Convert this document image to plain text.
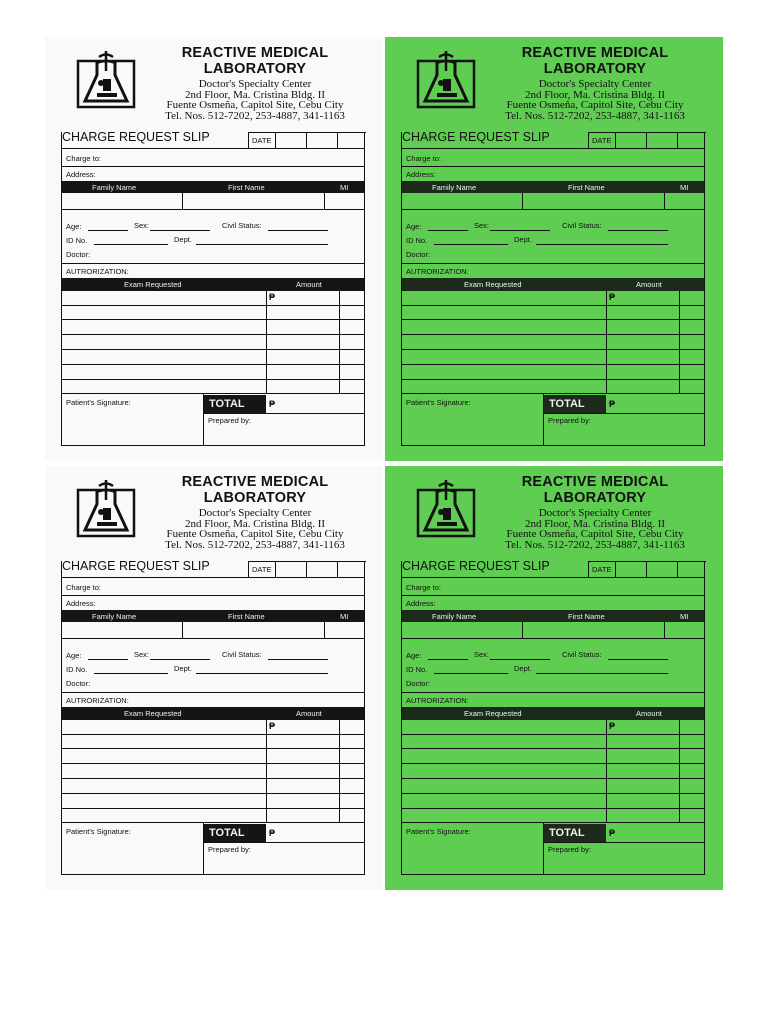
REACTIVE MEDICAL
LABORATORY
Doctor's Specialty Center
2nd Floor, Ma. Cristina Bldg. II
Fuente Osmeña, Capitol Site, Cebu City
Tel. Nos. 512-7202, 253-4887, 341-1163
CHARGE REQUEST SLIP	DATE
Charge to:
Address:
Family Name	First Name	MI
Age:	Sex:	Civil Status:
ID No.	Dept.
Doctor:
AUTRORIZATION:
Exam Requested	Amount
₱
Patient's Signature:	TOTAL	₱
Prepared by:
REACTIVE MEDICAL
LABORATORY
Doctor's Specialty Center
2nd Floor, Ma. Cristina Bldg. II
Fuente Osmeña, Capitol Site, Cebu City
Tel. Nos. 512-7202, 253-4887, 341-1163
CHARGE REQUEST SLIP	DATE
Charge to:
Address:
Family Name	First Name	MI
Age:	Sex:	Civil Status:
ID No.	Dept.
Doctor:
AUTRORIZATION:
Exam Requested	Amount
₱
Patient's Signature:	TOTAL	₱
Prepared by:
REACTIVE MEDICAL
LABORATORY
Doctor's Specialty Center
2nd Floor, Ma. Cristina Bldg. II
Fuente Osmeña, Capitol Site, Cebu City
Tel. Nos. 512-7202, 253-4887, 341-1163
CHARGE REQUEST SLIP	DATE
Charge to:
Address:
Family Name	First Name	MI
Age:	Sex:	Civil Status:
ID No.	Dept.
Doctor:
AUTRORIZATION:
Exam Requested	Amount
₱
Patient's Signature:	TOTAL	₱
Prepared by:
REACTIVE MEDICAL
LABORATORY
Doctor's Specialty Center
2nd Floor, Ma. Cristina Bldg. II
Fuente Osmeña, Capitol Site, Cebu City
Tel. Nos. 512-7202, 253-4887, 341-1163
CHARGE REQUEST SLIP	DATE
Charge to:
Address:
Family Name	First Name	MI
Age:	Sex:	Civil Status:
ID No.	Dept.
Doctor:
AUTRORIZATION:
Exam Requested	Amount
₱
Patient's Signature:	TOTAL	₱
Prepared by:
